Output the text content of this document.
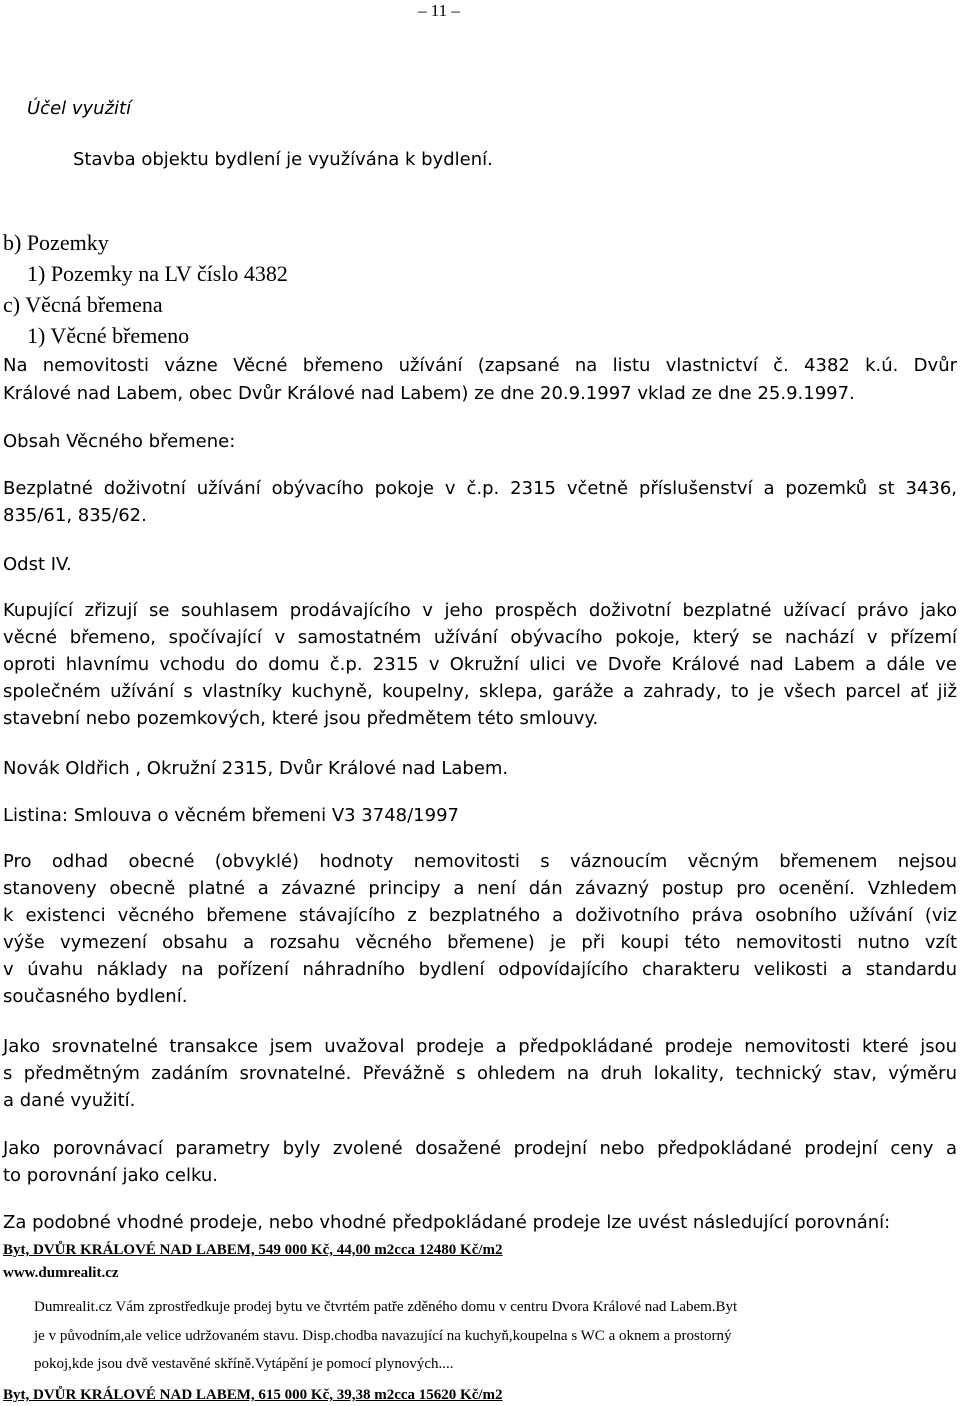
– 11 –
Účel využití
Stavba objektu bydlení je využívána k bydlení.
b) Pozemky
1) Pozemky na LV číslo 4382
c) Věcná břemena
1) Věcné břemeno
Na nemovitosti vázne Věcné břemeno užívání (zapsané na listu vlastnictví č. 4382 k.ú. Dvůr
Králové nad Labem, obec Dvůr Králové nad Labem) ze dne 20.9.1997 vklad ze dne 25.9.1997.
Obsah Věcného břemene:
Bezplatné doživotní užívání obývacího pokoje v č.p. 2315 včetně příslušenství a pozemků st 3436,
835/61, 835/62.
Odst IV.
Kupující zřizují se souhlasem prodávajícího v jeho prospěch doživotní bezplatné užívací právo jako
věcné břemeno, spočívající v samostatném užívání obývacího pokoje, který se nachází v přízemí
oproti hlavnímu vchodu do domu č.p. 2315 v Okružní ulici ve Dvoře Králové nad Labem a dále ve
společném užívání s vlastníky kuchyně, koupelny, sklepa, garáže a zahrady, to je všech parcel ať již
stavební nebo pozemkových, které jsou předmětem této smlouvy.
Novák Oldřich , Okružní 2315, Dvůr Králové nad Labem.
Listina: Smlouva o věcném břemeni V3 3748/1997
Pro odhad obecné (obvyklé) hodnoty nemovitosti s váznoucím věcným břemenem nejsou
stanoveny obecně platné a závazné principy a není dán závazný postup pro ocenění. Vzhledem
k existenci věcného břemene stávajícího z bezplatného a doživotního práva osobního užívání (viz
výše vymezení obsahu a rozsahu věcného břemene) je při koupi této nemovitosti nutno vzít
v úvahu náklady na pořízení náhradního bydlení odpovídajícího charakteru velikosti a standardu
současného bydlení.
Jako srovnatelné transakce jsem uvažoval prodeje a předpokládané prodeje nemovitosti které jsou
s předmětným zadáním srovnatelné. Převážně s ohledem na druh lokality, technický stav, výměru
a dané využití.
Jako porovnávací parametry byly zvolené dosažené prodejní nebo předpokládané prodejní ceny a
to porovnání jako celku.
Za podobné vhodné prodeje, nebo vhodné předpokládané prodeje lze uvést následující porovnání:
Byt, DVŮR KRÁLOVÉ NAD LABEM, 549 000 Kč, 44,00 m2cca 12480 Kč/m2
www.dumrealit.cz
Dumrealit.cz Vám zprostředkuje prodej bytu ve čtvrtém patře zděného domu v centru Dvora Králové nad Labem.Byt
je v původním,ale velice udržovaném stavu. Disp.chodba navazující na kuchyň,koupelna s WC a oknem a prostorný
pokoj,kde jsou dvě vestavěné skříně.Vytápění je pomocí plynových....
Byt, DVŮR KRÁLOVÉ NAD LABEM, 615 000 Kč, 39,38 m2cca 15620 Kč/m2
